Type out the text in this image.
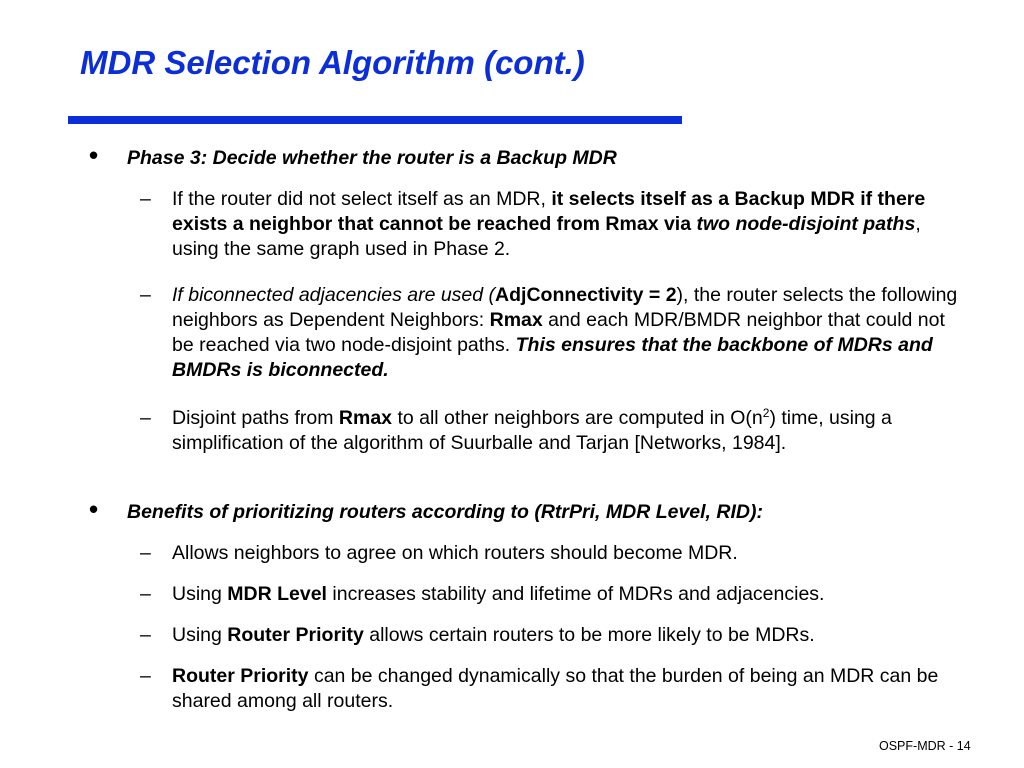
MDR Selection Algorithm (cont.)
• Phase 3: Decide whether the router is a Backup MDR
– If the router did not select itself as an MDR, it selects itself as a Backup MDR if there exists a neighbor that cannot be reached from Rmax via two node-disjoint paths, using the same graph used in Phase 2.
– If biconnected adjacencies are used (AdjConnectivity = 2), the router selects the following neighbors as Dependent Neighbors: Rmax and each MDR/BMDR neighbor that could not be reached via two node-disjoint paths. This ensures that the backbone of MDRs and BMDRs is biconnected.
– Disjoint paths from Rmax to all other neighbors are computed in $O(n^2)$ time, using a simplification of the algorithm of Suurballe and Tarjan [Networks, 1984].
• Benefits of prioritizing routers according to (RtrPri, MDR Level, RID):
– Allows neighbors to agree on which routers should become MDR.
– Using MDR Level increases stability and lifetime of MDRs and adjacencies.
– Using Router Priority allows certain routers to be more likely to be MDRs.
– Router Priority can be changed dynamically so that the burden of being an MDR can be shared among all routers.
OSPF-MDR - 14
